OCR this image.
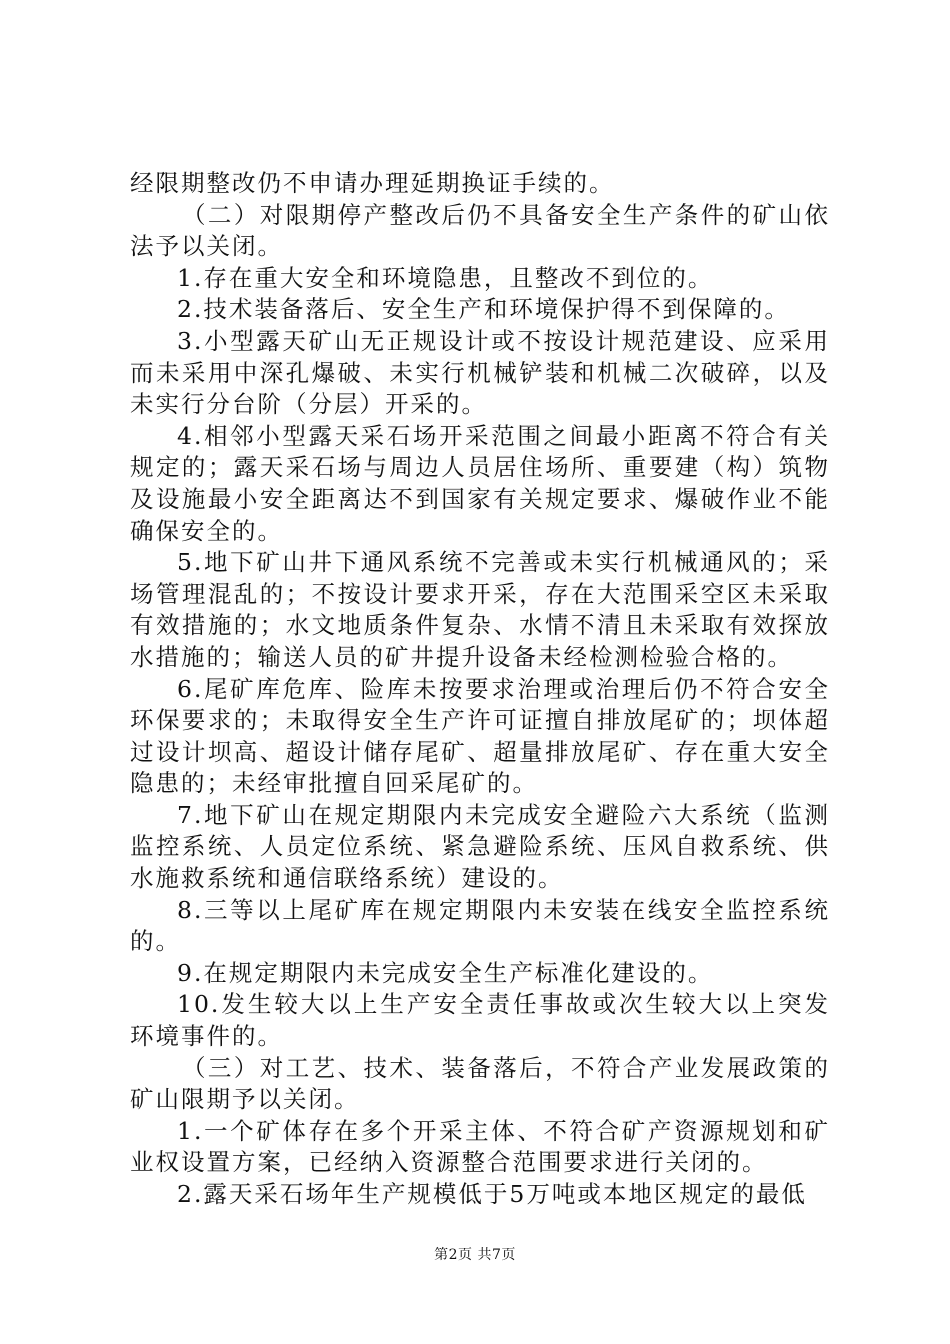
经限期整改仍不申请办理延期换证手续的。

（二）对限期停产整改后仍不具备安全生产条件的矿山依法予以关闭。

1.存在重大安全和环境隐患，且整改不到位的。

2.技术装备落后、安全生产和环境保护得不到保障的。

3.小型露天矿山无正规设计或不按设计规范建设、应采用而未采用中深孔爆破、未实行机械铲装和机械二次破碎，以及未实行分台阶（分层）开采的。

4.相邻小型露天采石场开采范围之间最小距离不符合有关规定的；露天采石场与周边人员居住场所、重要建（构）筑物及设施最小安全距离达不到国家有关规定要求、爆破作业不能确保安全的。

5.地下矿山井下通风系统不完善或未实行机械通风的；采场管理混乱的；不按设计要求开采，存在大范围采空区未采取有效措施的；水文地质条件复杂、水情不清且未采取有效探放水措施的；输送人员的矿井提升设备未经检测检验合格的。

6.尾矿库危库、险库未按要求治理或治理后仍不符合安全环保要求的；未取得安全生产许可证擅自排放尾矿的；坝体超过设计坝高、超设计储存尾矿、超量排放尾矿、存在重大安全隐患的；未经审批擅自回采尾矿的。

7.地下矿山在规定期限内未完成安全避险六大系统（监测监控系统、人员定位系统、紧急避险系统、压风自救系统、供水施救系统和通信联络系统）建设的。

8.三等以上尾矿库在规定期限内未安装在线安全监控系统的。

9.在规定期限内未完成安全生产标准化建设的。

10.发生较大以上生产安全责任事故或次生较大以上突发环境事件的。

（三）对工艺、技术、装备落后，不符合产业发展政策的矿山限期予以关闭。

1.一个矿体存在多个开采主体、不符合矿产资源规划和矿业权设置方案，已经纳入资源整合范围要求进行关闭的。

2.露天采石场年生产规模低于5万吨或本地区规定的最低

第2页 共7页
